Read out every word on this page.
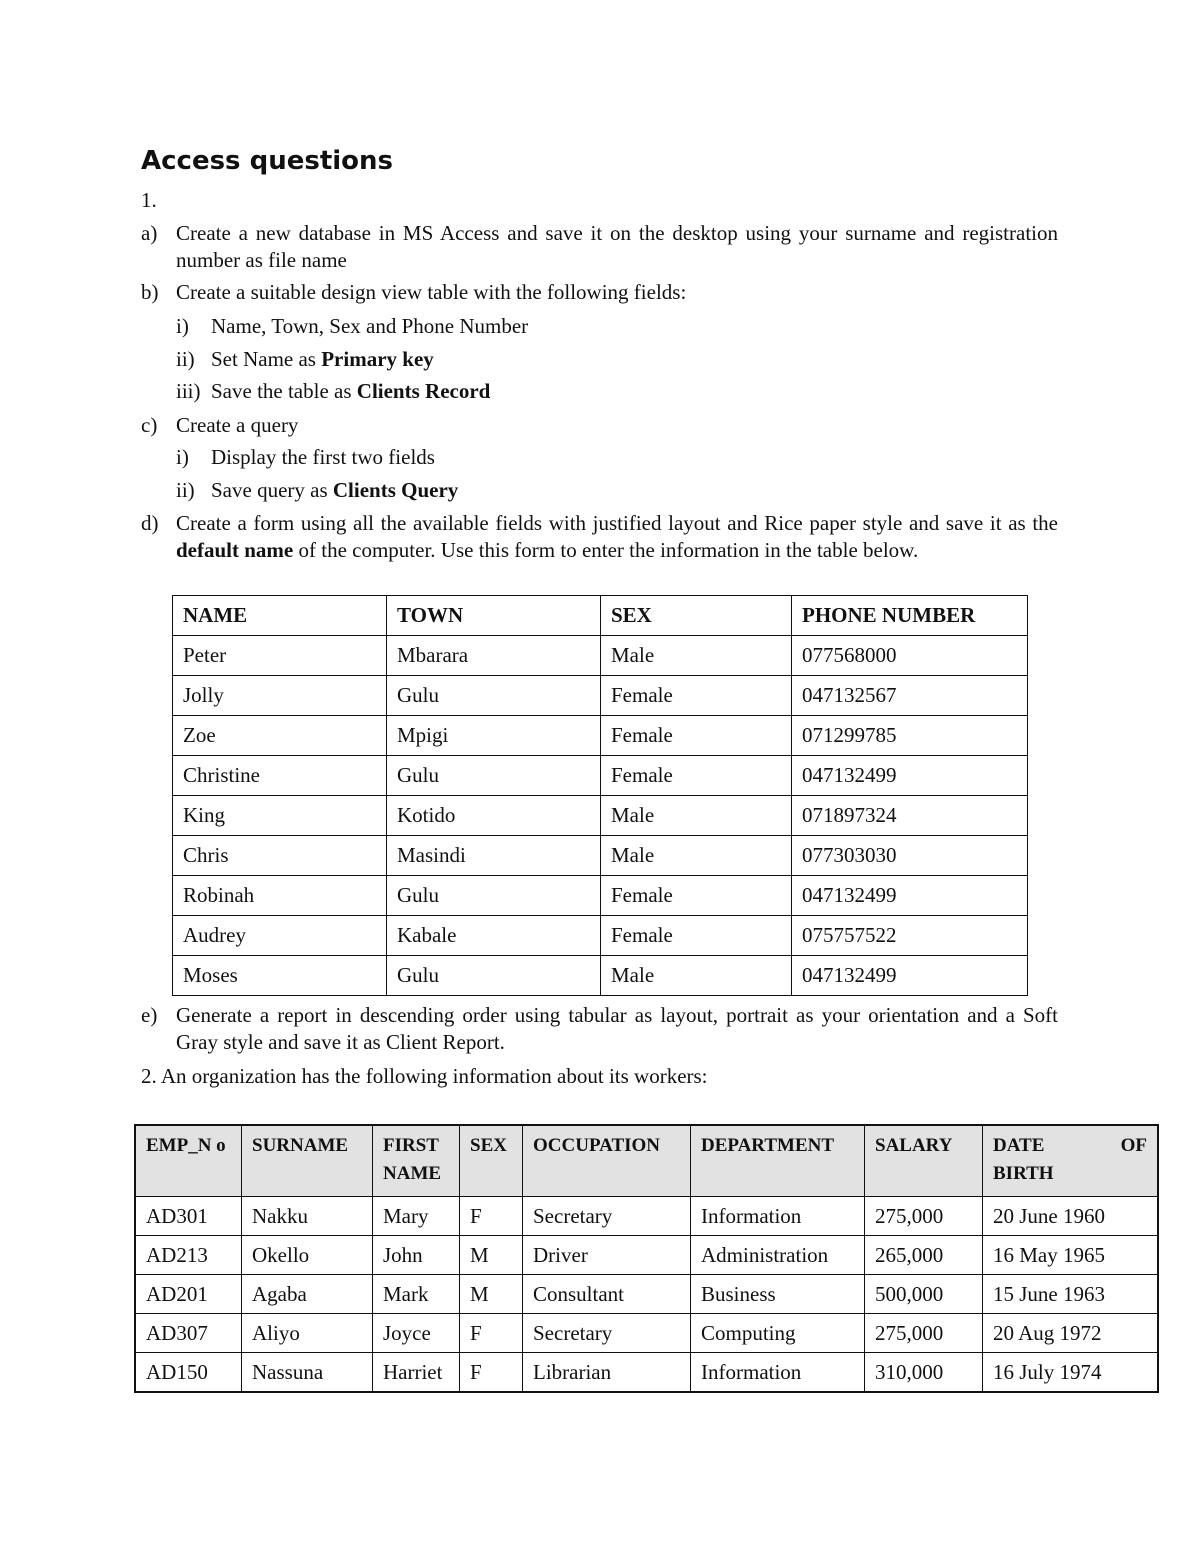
Access questions
1.
a) Create a new database in MS Access and save it on the desktop using your surname and registration number as file name
b) Create a suitable design view table with the following fields:
i) Name, Town, Sex and Phone Number
ii) Set Name as Primary key
iii) Save the table as Clients Record
c) Create a query
i) Display the first two fields
ii) Save query as Clients Query
d) Create a form using all the available fields with justified layout and Rice paper style and save it as the default name of the computer. Use this form to enter the information in the table below.
NAME	TOWN	SEX	PHONE NUMBER
Peter	Mbarara	Male	077568000
Jolly	Gulu	Female	047132567
Zoe	Mpigi	Female	071299785
Christine	Gulu	Female	047132499
King	Kotido	Male	071897324
Chris	Masindi	Male	077303030
Robinah	Gulu	Female	047132499
Audrey	Kabale	Female	075757522
Moses	Gulu	Male	047132499
e) Generate a report in descending order using tabular as layout, portrait as your orientation and a Soft Gray style and save it as Client Report.
2. An organization has the following information about its workers:
EMP_N o	SURNAME	FIRST NAME	SEX	OCCUPATION	DEPARTMENT	SALARY	DATE OF
BIRTH

AD301	Nakku	Mary	F	Secretary	Information	275,000	20 June 1960
AD213	Okello	John	M	Driver	Administration	265,000	16 May 1965
AD201	Agaba	Mark	M	Consultant	Business	500,000	15 June 1963
AD307	Aliyo	Joyce	F	Secretary	Computing	275,000	20 Aug 1972
AD150	Nassuna	Harriet	F	Librarian	Information	310,000	16 July 1974
